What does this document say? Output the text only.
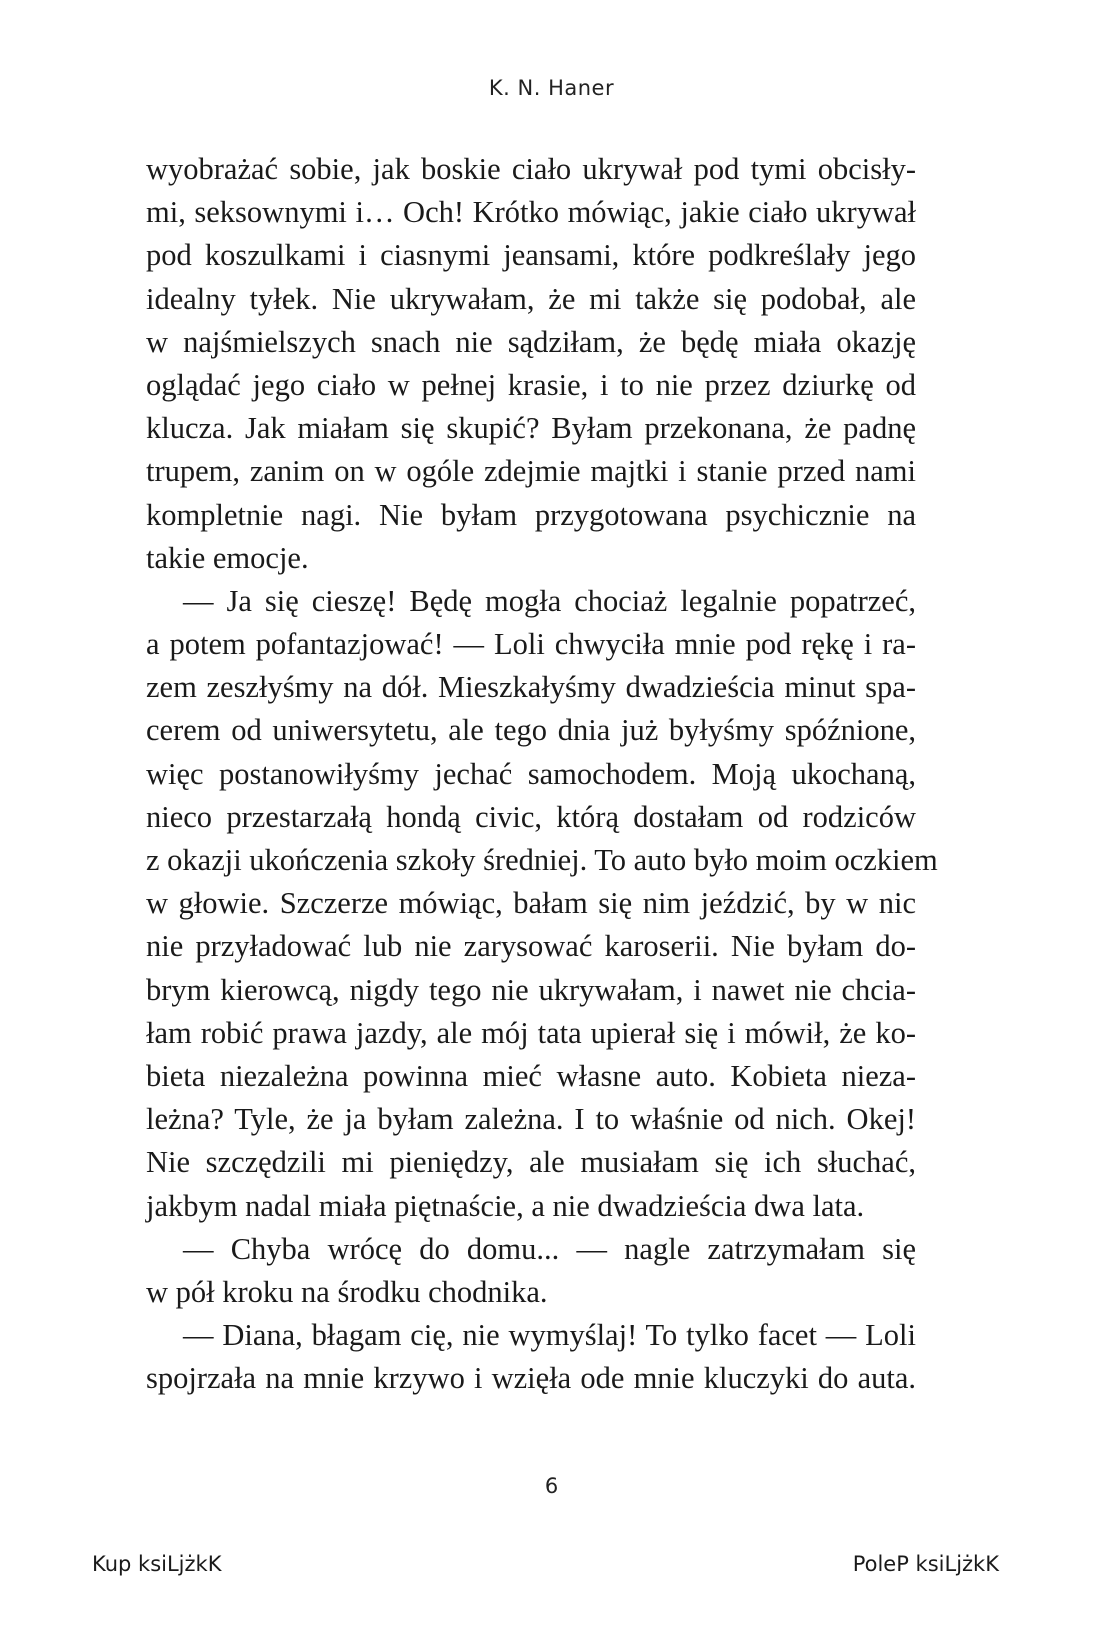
K. N. Haner
wyobrażać sobie, jak boskie ciało ukrywał pod tymi obcisły-
mi, seksownymi i… Och! Krótko mówiąc, jakie ciało ukrywał
pod koszulkami i ciasnymi jeansami, które podkreślały jego
idealny tyłek. Nie ukrywałam, że mi także się podobał, ale
w najśmielszych snach nie sądziłam, że będę miała okazję
oglądać jego ciało w pełnej krasie, i to nie przez dziurkę od
klucza. Jak miałam się skupić? Byłam przekonana, że padnę
trupem, zanim on w ogóle zdejmie majtki i stanie przed nami
kompletnie nagi. Nie byłam przygotowana psychicznie na
takie emocje.
— Ja się cieszę! Będę mogła chociaż legalnie popatrzeć,
a potem pofantazjować! — Loli chwyciła mnie pod rękę i ra-
zem zeszłyśmy na dół. Mieszkałyśmy dwadzieścia minut spa-
cerem od uniwersytetu, ale tego dnia już byłyśmy spóźnione,
więc postanowiłyśmy jechać samochodem. Moją ukochaną,
nieco przestarzałą hondą civic, którą dostałam od rodziców
z okazji ukończenia szkoły średniej. To auto było moim oczkiem
w głowie. Szczerze mówiąc, bałam się nim jeździć, by w nic
nie przyładować lub nie zarysować karoserii. Nie byłam do-
brym kierowcą, nigdy tego nie ukrywałam, i nawet nie chcia-
łam robić prawa jazdy, ale mój tata upierał się i mówił, że ko-
bieta niezależna powinna mieć własne auto. Kobieta nieza-
leżna? Tyle, że ja byłam zależna. I to właśnie od nich. Okej!
Nie szczędzili mi pieniędzy, ale musiałam się ich słuchać,
jakbym nadal miała piętnaście, a nie dwadzieścia dwa lata.
— Chyba wrócę do domu... — nagle zatrzymałam się
w pół kroku na środku chodnika.
— Diana, błagam cię, nie wymyślaj! To tylko facet — Loli
spojrzała na mnie krzywo i wzięła ode mnie kluczyki do auta.
6
Kup ksiLjżkK	PoleP ksiLjżkK
